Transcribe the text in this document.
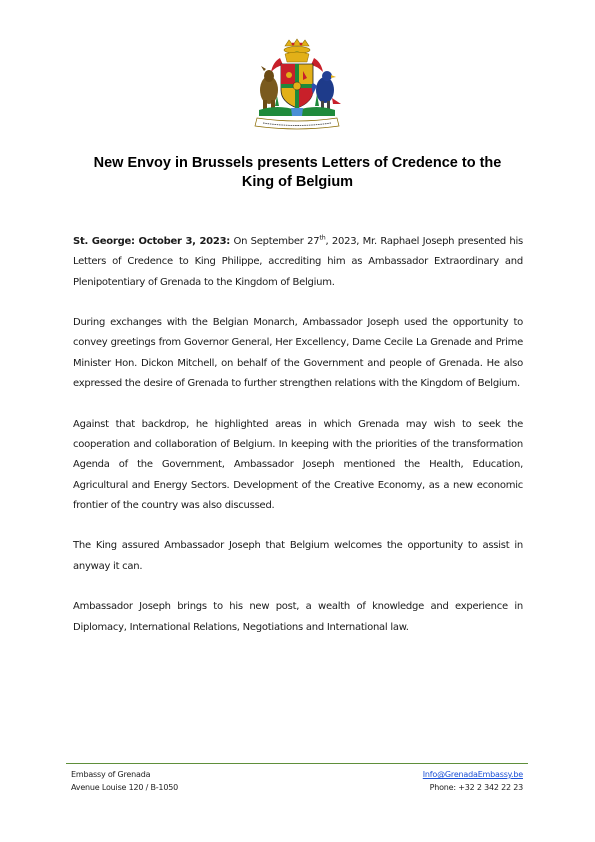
New Envoy in Brussels presents Letters of Credence to the
King of Belgium

St. George: October 3, 2023: On September 27th, 2023, Mr. Raphael Joseph presented his Letters of Credence to King Philippe, accrediting him as Ambassador Extraordinary and Plenipotentiary of Grenada to the Kingdom of Belgium.

During exchanges with the Belgian Monarch, Ambassador Joseph used the opportunity to convey greetings from Governor General, Her Excellency, Dame Cecile La Grenade and Prime Minister Hon. Dickon Mitchell, on behalf of the Government and people of Grenada. He also expressed the desire of Grenada to further strengthen relations with the Kingdom of Belgium.

Against that backdrop, he highlighted areas in which Grenada may wish to seek the cooperation and collaboration of Belgium. In keeping with the priorities of the transformation Agenda of the Government, Ambassador Joseph mentioned the Health, Education, Agricultural and Energy Sectors. Development of the Creative Economy, as a new economic frontier of the country was also discussed.

The King assured Ambassador Joseph that Belgium welcomes the opportunity to assist in anyway it can.

Ambassador Joseph brings to his new post, a wealth of knowledge and experience in Diplomacy, International Relations, Negotiations and International law.

Embassy of Grenada
Avenue Louise 120 / B-1050
Info@GrenadaEmbassy.be
Phone: +32 2 342 22 23
